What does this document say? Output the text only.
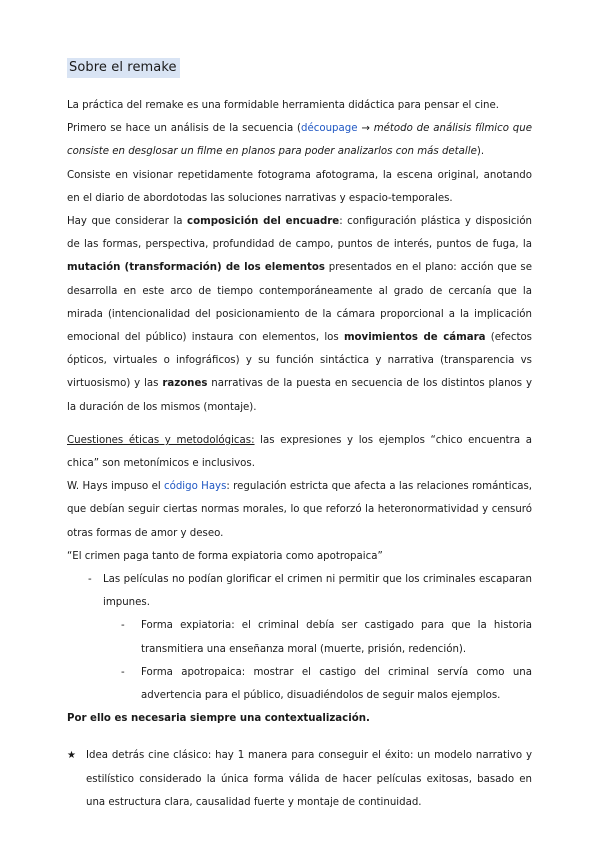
Sobre el remake

La práctica del remake es una formidable herramienta didáctica para pensar el cine.

Primero se hace un análisis de la secuencia (découpage → método de análisis fílmico que consiste en desglosar un filme en planos para poder analizarlos con más detalle).

Consiste en visionar repetidamente fotograma afotograma, la escena original, anotando en el diario de abordotodas las soluciones narrativas y espacio-temporales.

Hay que considerar la composición del encuadre: configuración plástica y disposición de las formas, perspectiva, profundidad de campo, puntos de interés, puntos de fuga, la mutación (transformación) de los elementos presentados en el plano: acción que se desarrolla en este arco de tiempo contemporáneamente al grado de cercanía que la mirada (intencionalidad del posicionamiento de la cámara proporcional a la implicación emocional del público) instaura con elementos, los movimientos de cámara (efectos ópticos, virtuales o infográficos) y su función sintáctica y narrativa (transparencia vs virtuosismo) y las razones narrativas de la puesta en secuencia de los distintos planos y la duración de los mismos (montaje).

Cuestiones éticas y metodológicas: las expresiones y los ejemplos “chico encuentra a chica” son metonímicos e inclusivos.

W. Hays impuso el código Hays: regulación estricta que afecta a las relaciones románticas, que debían seguir ciertas normas morales, lo que reforzó la heteronormatividad y censuró otras formas de amor y deseo.

“El crimen paga tanto de forma expiatoria como apotropaica”

- Las películas no podían glorificar el crimen ni permitir que los criminales escaparan impunes.

- Forma expiatoria: el criminal debía ser castigado para que la historia transmitiera una enseñanza moral (muerte, prisión, redención).

- Forma apotropaica: mostrar el castigo del criminal servía como una advertencia para el público, disuadiéndolos de seguir malos ejemplos.

Por ello es necesaria siempre una contextualización.

★ Idea detrás cine clásico: hay 1 manera para conseguir el éxito: un modelo narrativo y estilístico considerado la única forma válida de hacer películas exitosas, basado en una estructura clara, causalidad fuerte y montaje de continuidad.
